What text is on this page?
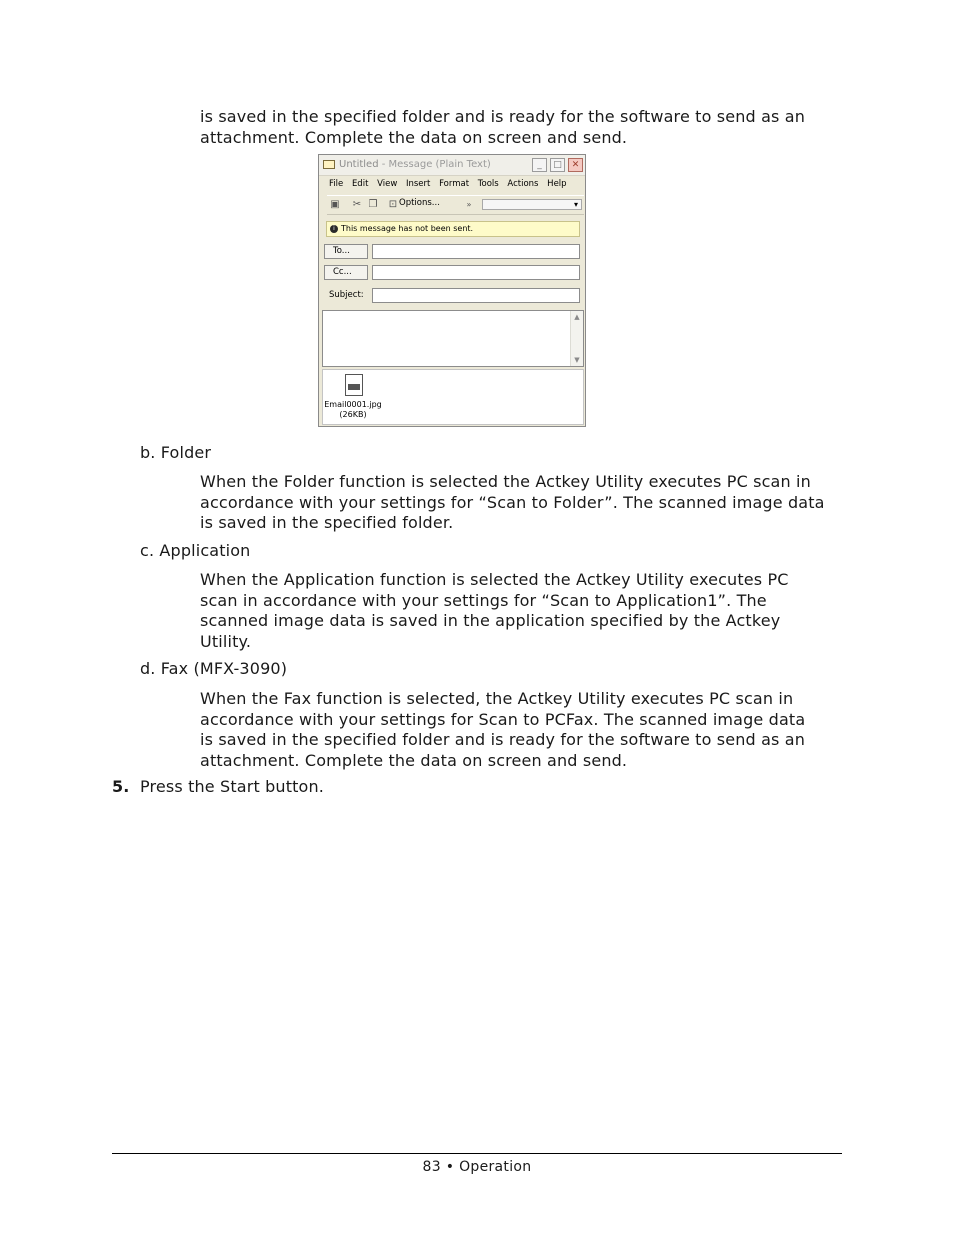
is saved in the specified folder and is ready for the software to send as an
attachment. Complete the data on screen and send.
Untitled - Message (Plain Text)	_	□	✕
File Edit View Insert Format Tools Actions Help
▣ ✂ ❐ ⊡ Options...	»	▾
i This message has not been sent.
To...
Cc...
Subject:
▲
▼
Email0001.jpg
(26KB)
b. Folder
When the Folder function is selected the Actkey Utility executes PC scan in
accordance with your settings for “Scan to Folder”. The scanned image data
is saved in the specified folder.
c. Application
When the Application function is selected the Actkey Utility executes PC
scan in accordance with your settings for “Scan to Application1”. The
scanned image data is saved in the application specified by the Actkey
Utility.
d. Fax (MFX-3090)
When the Fax function is selected, the Actkey Utility executes PC scan in
accordance with your settings for Scan to PCFax. The scanned image data
is saved in the specified folder and is ready for the software to send as an
attachment. Complete the data on screen and send.
5. Press the Start button.
83 • Operation
